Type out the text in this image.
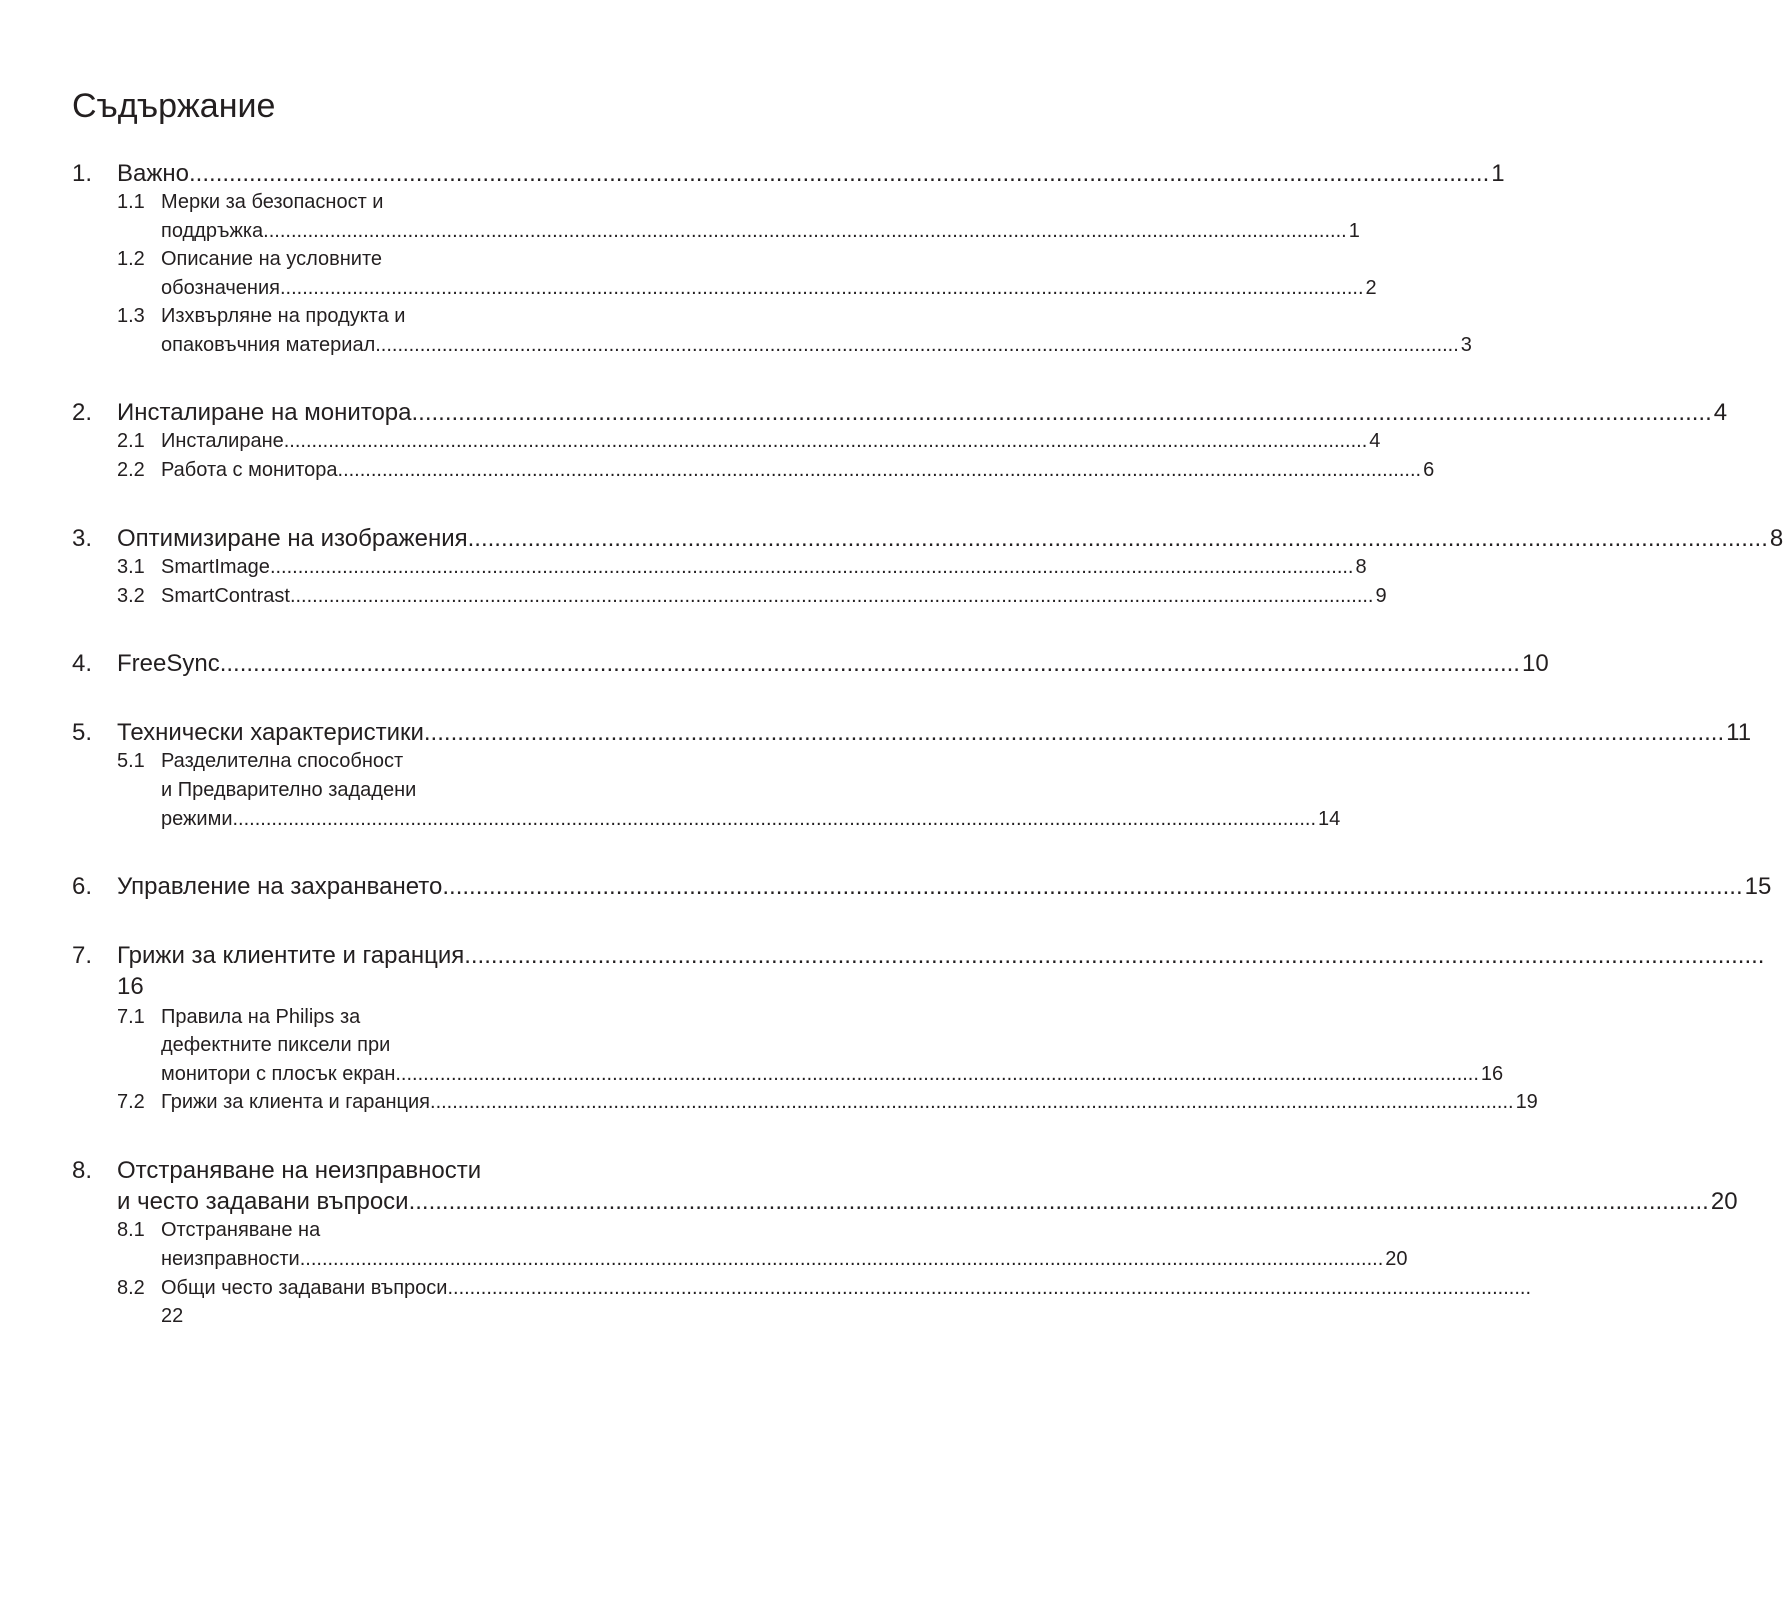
Съдържание
1.	Важно .....	1
1.1 Мерки за безопасност и
поддръжка .....	1
1.2 Описание на условните
обозначения .....	2
1.3 Изхвърляне на продукта и
опаковъчния материал .....	3
2.	Инсталиране на монитора .....	4
2.1 Инсталиране .....	4
2.2 Работа с монитора .....	6
3.	Оптимизиране на изображения .....	8
3.1 SmartImage .....	8
3.2 SmartContrast .....	9
4.	FreeSync .....	10
5.	Технически характеристики .....	11
5.1 Разделителна способност
и Предварително зададени
режими .....	14
6.	Управление на захранването .....	15
7.	Грижи за клиентите и гаранция
.....
16
7.1 Правила на Philips за
дефектните пиксели при
монитори с плосък екран .....	16
7.2 Грижи за клиента и гаранция .....	19
8.	Отстраняване на неизправности
и често задавани въпроси .....	20
8.1 Отстраняване на
неизправности .....	20
8.2 Общи често задавани въпроси
.....
22
